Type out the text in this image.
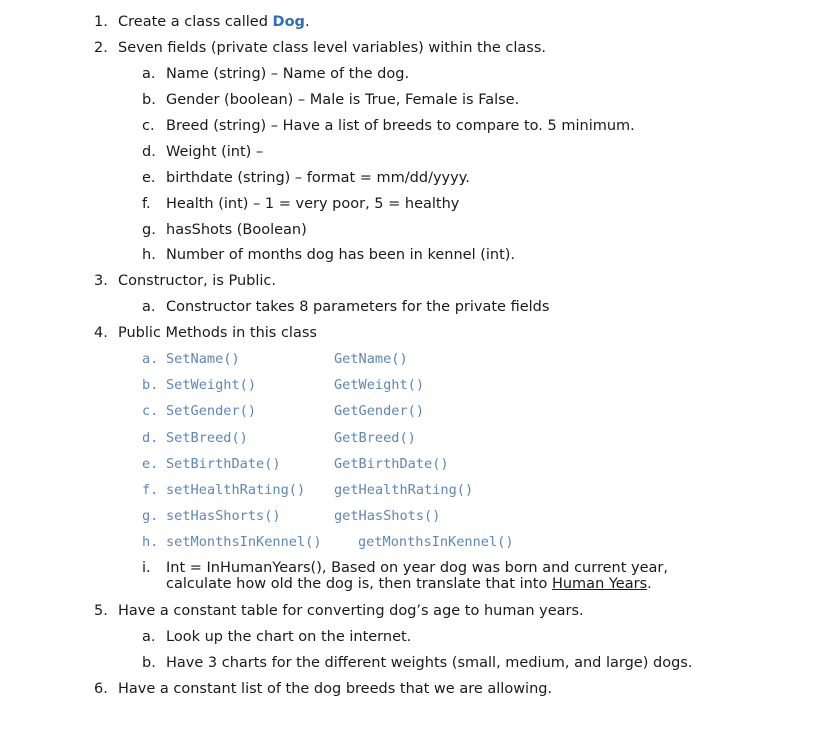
1. Create a class called Dog.
2. Seven fields (private class level variables) within the class.
a. Name (string) – Name of the dog.
b. Gender (boolean) – Male is True, Female is False.
c. Breed (string) – Have a list of breeds to compare to. 5 minimum.
d. Weight (int) –
e. birthdate (string) – format = mm/dd/yyyy.
f. Health (int) – 1 = very poor, 5 = healthy
g. hasShots (Boolean)
h. Number of months dog has been in kennel (int).
3. Constructor, is Public.
a. Constructor takes 8 parameters for the private fields
4. Public Methods in this class
a. SetName()	GetName()
b. SetWeight()	GetWeight()
c. SetGender()	GetGender()
d. SetBreed()	GetBreed()
e. SetBirthDate()	GetBirthDate()
f. setHealthRating() getHealthRating()
g. setHasShorts()	getHasShots()
h. setMonthsInKennel()	getMonthsInKennel()
i. Int = InHumanYears(), Based on year dog was born and current year,
calculate how old the dog is, then translate that into Human Years.
5. Have a constant table for converting dog’s age to human years.
a. Look up the chart on the internet.
b. Have 3 charts for the different weights (small, medium, and large) dogs.
6. Have a constant list of the dog breeds that we are allowing.
